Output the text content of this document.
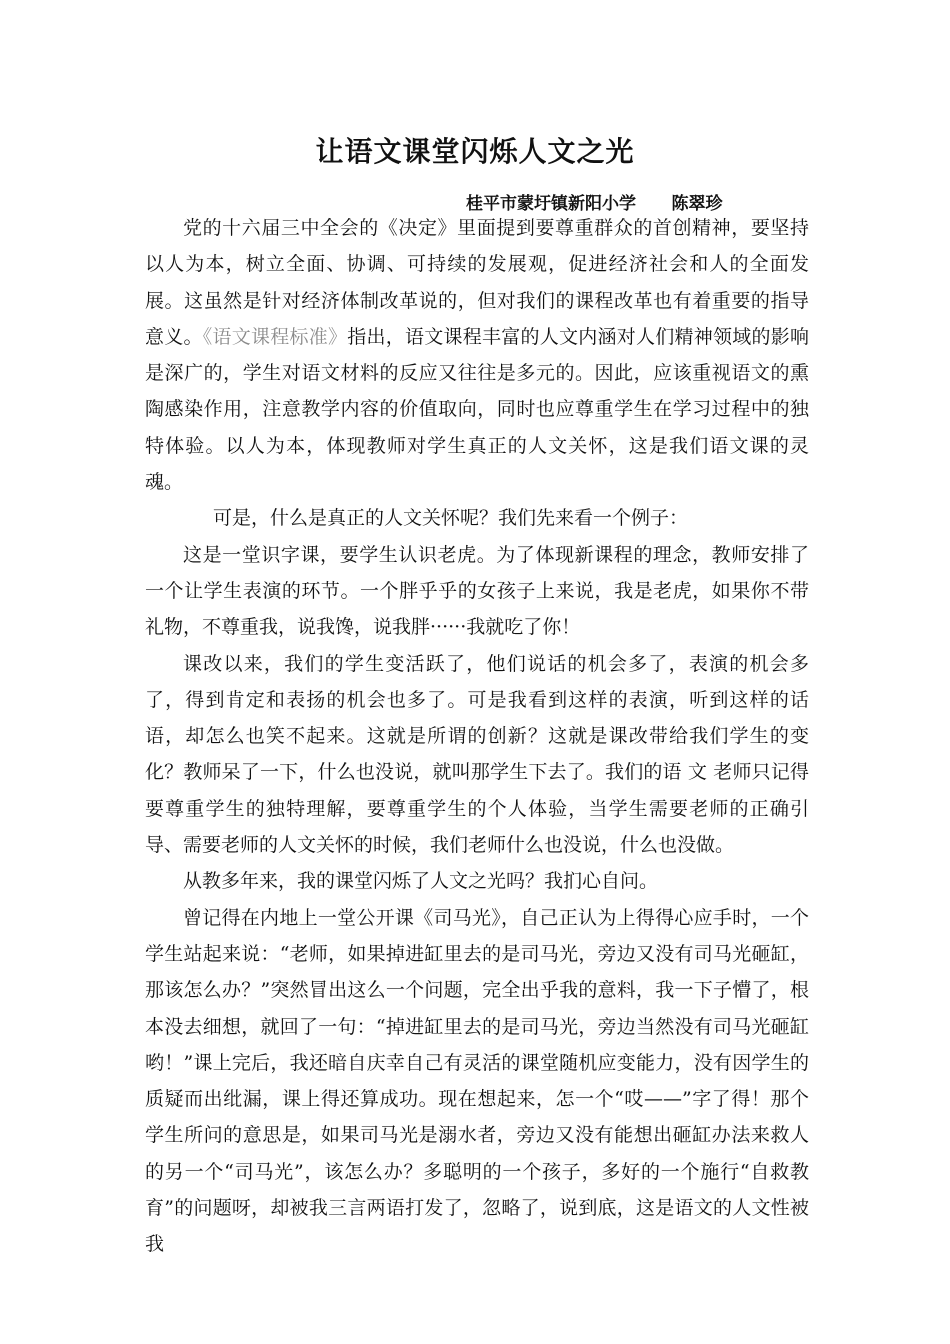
让语文课堂闪烁人文之光
桂平市蒙圩镇新阳小学      陈翠珍

党的十六届三中全会的《决定》里面提到要尊重群众的首创精神，要坚持以人为本，树立全面、协调、可持续的发展观，促进经济社会和人的全面发展。这虽然是针对经济体制改革说的，但对我们的课程改革也有着重要的指导意义。《语文课程标准》指出，语文课程丰富的人文内涵对人们精神领域的影响是深广的，学生对语文材料的反应又往往是多元的。因此，应该重视语文的熏陶感染作用，注意教学内容的价值取向，同时也应尊重学生在学习过程中的独特体验。以人为本，体现教师对学生真正的人文关怀，这是我们语文课的灵魂。

可是，什么是真正的人文关怀呢？我们先来看一个例子：

这是一堂识字课，要学生认识老虎。为了体现新课程的理念，教师安排了一个让学生表演的环节。一个胖乎乎的女孩子上来说，我是老虎，如果你不带礼物，不尊重我，说我馋，说我胖······我就吃了你！

课改以来，我们的学生变活跃了，他们说话的机会多了，表演的机会多了，得到肯定和表扬的机会也多了。可是我看到这样的表演，听到这样的话语，却怎么也笑不起来。这就是所谓的创新？这就是课改带给我们学生的变化？教师呆了一下，什么也没说，就叫那学生下去了。我们的语 文 老师只记得要尊重学生的独特理解，要尊重学生的个人体验，当学生需要老师的正确引导、需要老师的人文关怀的时候，我们老师什么也没说，什么也没做。

从教多年来，我的课堂闪烁了人文之光吗？我扪心自问。

曾记得在内地上一堂公开课《司马光》，自己正认为上得得心应手时，一个学生站起来说：“老师，如果掉进缸里去的是司马光，旁边又没有司马光砸缸，那该怎么办？”突然冒出这么一个问题，完全出乎我的意料，我一下子懵了，根本没去细想，就回了一句：“掉进缸里去的是司马光，旁边当然没有司马光砸缸哟！”课上完后，我还暗自庆幸自己有灵活的课堂随机应变能力，没有因学生的质疑而出纰漏，课上得还算成功。现在想起来，怎一个“哎——”字了得！那个学生所问的意思是，如果司马光是溺水者，旁边又没有能想出砸缸办法来救人的另一个“司马光”，该怎么办？多聪明的一个孩子，多好的一个施行“自救教育”的问题呀，却被我三言两语打发了，忽略了，说到底，这是语文的人文性被我
